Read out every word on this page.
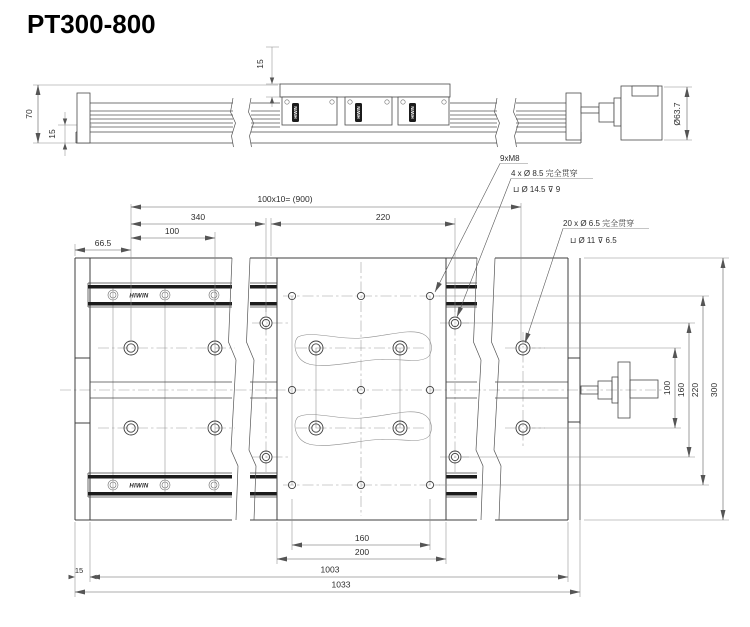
PT300-800
HIWIN	HIWIN	HIWIN
70
15
15
Ø63.7
HIWIN
HIWIN
66.5
100
340
100x10= (900)
220
100 160 220 300
160
200
1003
15
1033
9xM8
4 x Ø 8.5 完全贯穿
⊔ Ø 14.5 ⊽ 9
20 x Ø 6.5 完全贯穿
⊔ Ø 11 ⊽ 6.5
